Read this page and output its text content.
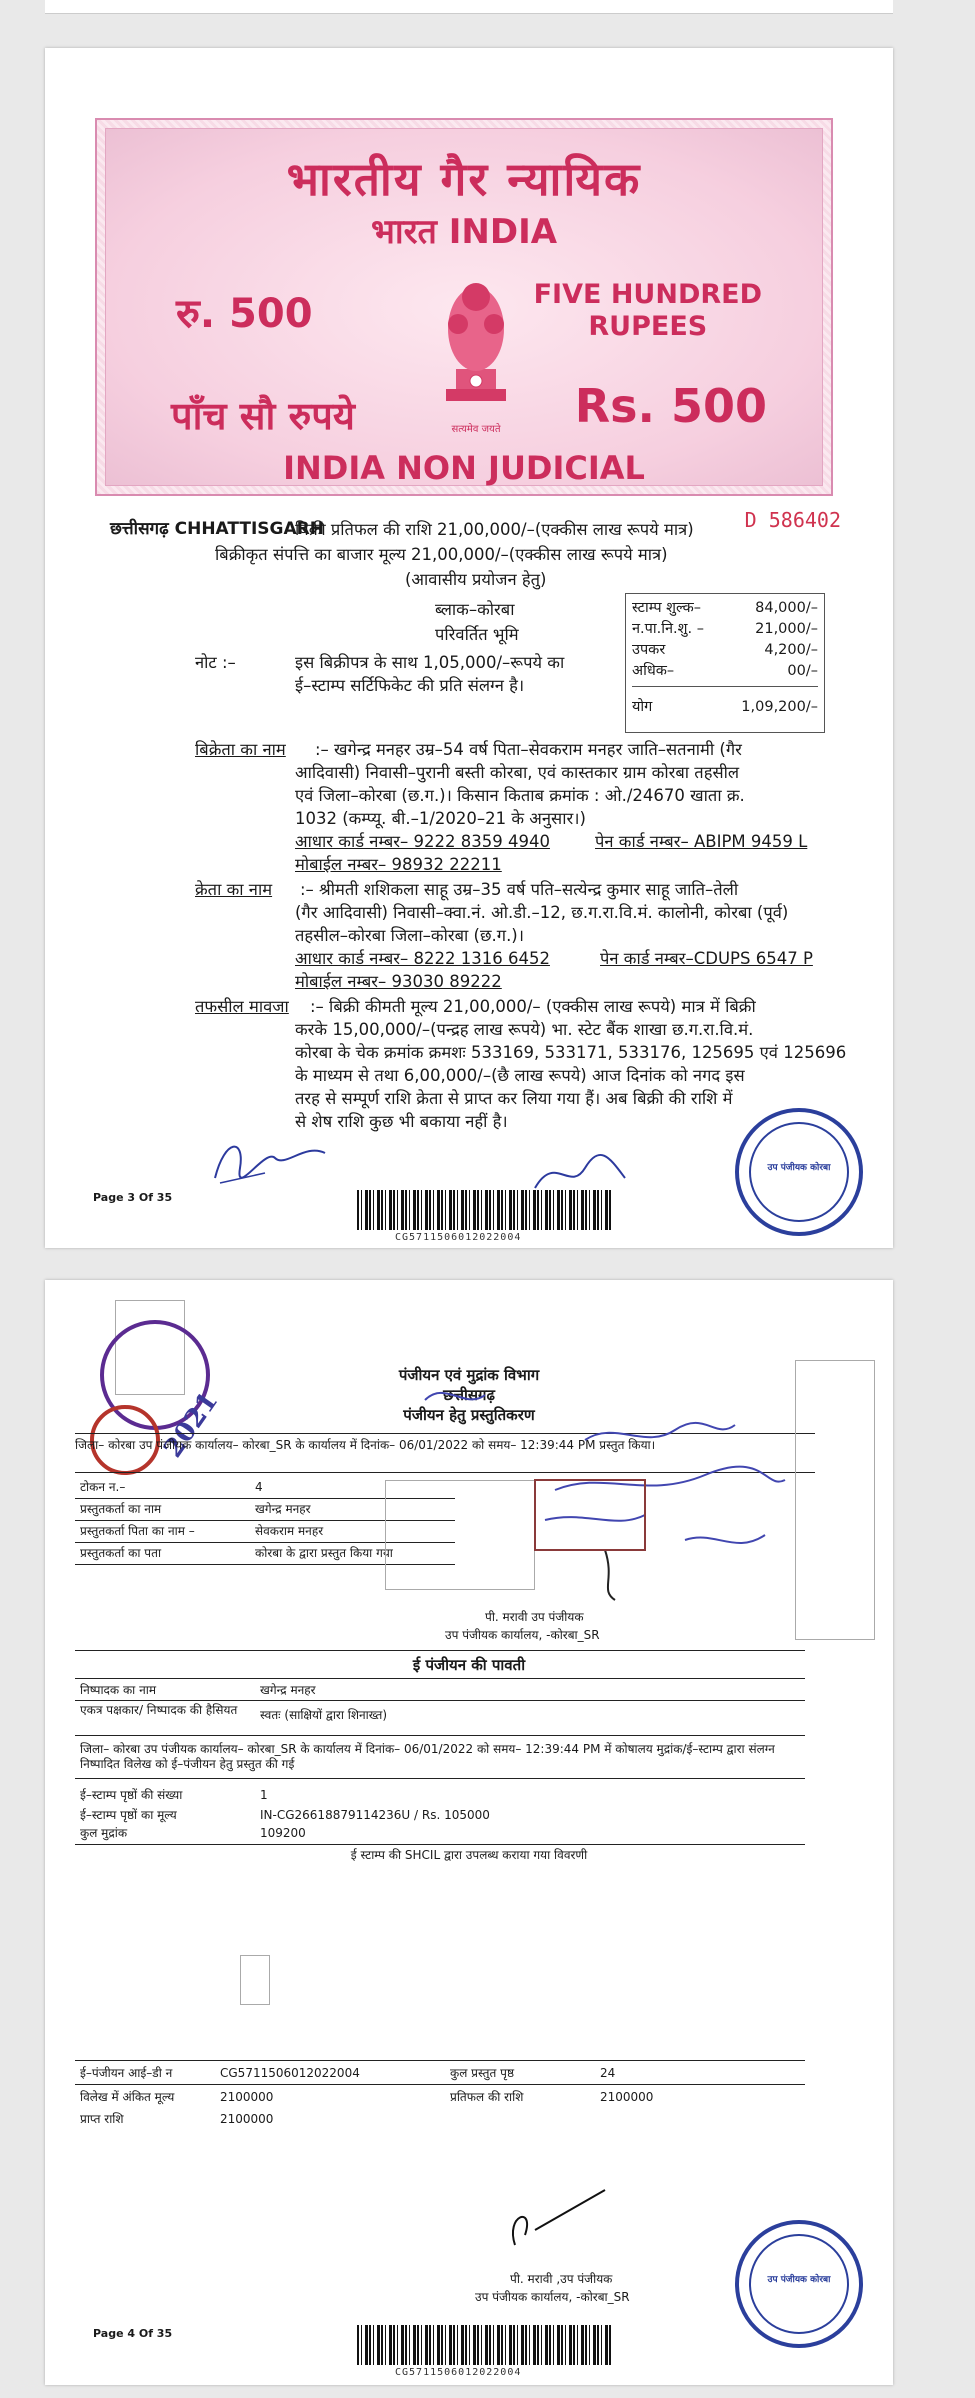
भारतीय गैर न्यायिक
भारत INDIA
रु. 500	FIVE HUNDRED
RUPEES
सत्यमेव जयते
पाँच सौ रुपये	Rs. 500
INDIA NON JUDICIAL
D 586402
छत्तीसगढ़ CHHATTISGARH
बिक्री प्रतिफल की राशि 21,00,000/–(एक्कीस लाख रूपये मात्र)
बिक्रीकृत संपत्ति का बाजार मूल्य 21,00,000/–(एक्कीस लाख रूपये मात्र)
(आवासीय प्रयोजन हेतु)
ब्लाक–कोरबा
परिवर्तित भूमि
नोट :–	इस बिक्रीपत्र के साथ 1,05,000/–रूपये का
ई–स्टाम्प सर्टिफिकेट की प्रति संलग्न है।
स्टाम्प शुल्क–	84,000/–
न.पा.नि.शु. –	21,000/–
उपकर	4,200/–
अधिक–	00/–
योग	1,09,200/–
बिक्रेता का नाम :– खगेन्द्र मनहर उम्र–54 वर्ष पिता–सेवकराम मनहर जाति–सतनामी (गैर
आदिवासी) निवासी–पुरानी बस्ती कोरबा, एवं कास्तकार ग्राम कोरबा तहसील
एवं जिला–कोरबा (छ.ग.)। किसान किताब क्रमांक : ओ./24670 खाता क्र.
1032 (कम्प्यू. बी.–1/2020–21 के अनुसार।)
आधार कार्ड नम्बर– 9222 8359 4940	पेन कार्ड नम्बर– ABIPM 9459 L
मोबाईल नम्बर– 98932 22211
क्रेता का नाम :– श्रीमती शशिकला साहू उम्र–35 वर्ष पति–सत्येन्द्र कुमार साहू जाति–तेली
(गैर आदिवासी) निवासी–क्वा.नं. ओ.डी.–12, छ.ग.रा.वि.मं. कालोनी, कोरबा (पूर्व)
तहसील–कोरबा जिला–कोरबा (छ.ग.)।
आधार कार्ड नम्बर– 8222 1316 6452	पेन कार्ड नम्बर–CDUPS 6547 P
मोबाईल नम्बर– 93030 89222
तफसील मावजा :– बिक्री कीमती मूल्य 21,00,000/– (एक्कीस लाख रूपये) मात्र में बिक्री
करके 15,00,000/–(पन्द्रह लाख रूपये) भा. स्टेट बैंक शाखा छ.ग.रा.वि.मं.
कोरबा के चेक क्रमांक क्रमशः 533169, 533171, 533176, 125695 एवं 125696
के माध्यम से तथा 6,00,000/–(छै लाख रूपये) आज दिनांक को नगद इस
तरह से सम्पूर्ण राशि क्रेता से प्राप्त कर लिया गया हैं। अब बिक्री की राशि में
से शेष राशि कुछ भी बकाया नहीं है।
उप पंजीयक कोरबा
Page 3 Of 35
CG5711506012022004
2021
पंजीयन एवं मुद्रांक विभाग
छत्तीसगढ़
पंजीयन हेतु प्रस्तुतिकरण
जिला– कोरबा उप पंजीयक कार्यालय– कोरबा_SR के कार्यालय में दिनांक– 06/01/2022 को समय– 12:39:44 PM प्रस्तुत किया।
टोकन न.–	4
प्रस्तुतकर्ता का नाम	खगेन्द्र मनहर
प्रस्तुतकर्ता पिता का नाम –	सेवकराम मनहर
प्रस्तुतकर्ता का पता	कोरबा के द्वारा प्रस्तुत किया गया
पी. मरावी उप पंजीयक
उप पंजीयक कार्यालय, -कोरबा_SR
ई पंजीयन की पावती
निष्पादक का नाम	खगेन्द्र मनहर
एकत्र पक्षकार/ निष्पादक की हैसियत	स्वतः (साक्षियों द्वारा शिनाख्त)
जिला– कोरबा उप पंजीयक कार्यालय– कोरबा_SR के कार्यालय में दिनांक– 06/01/2022 को समय– 12:39:44 PM में कोषालय मुद्रांक/ई–स्टाम्प द्वारा संलग्न निष्पादित विलेख को ई–पंजीयन हेतु प्रस्तुत की गई
ई–स्टाम्प पृष्ठों की संख्या	1
ई–स्टाम्प पृष्ठों का मूल्य	IN-CG26618879114236U / Rs. 105000
कुल मुद्रांक	109200
ई स्टाम्प की SHCIL द्वारा उपलब्ध कराया गया विवरणी
ई–पंजीयन आई–डी न	CG5711506012022004	कुल प्रस्तुत पृष्ठ	24
विलेख में अंकित मूल्य	2100000	प्रतिफल की राशि	2100000
प्राप्त राशि	2100000
पी. मरावी ,उप पंजीयक
उप पंजीयक कार्यालय, -कोरबा_SR
उप पंजीयक कोरबा
Page 4 Of 35
CG5711506012022004
